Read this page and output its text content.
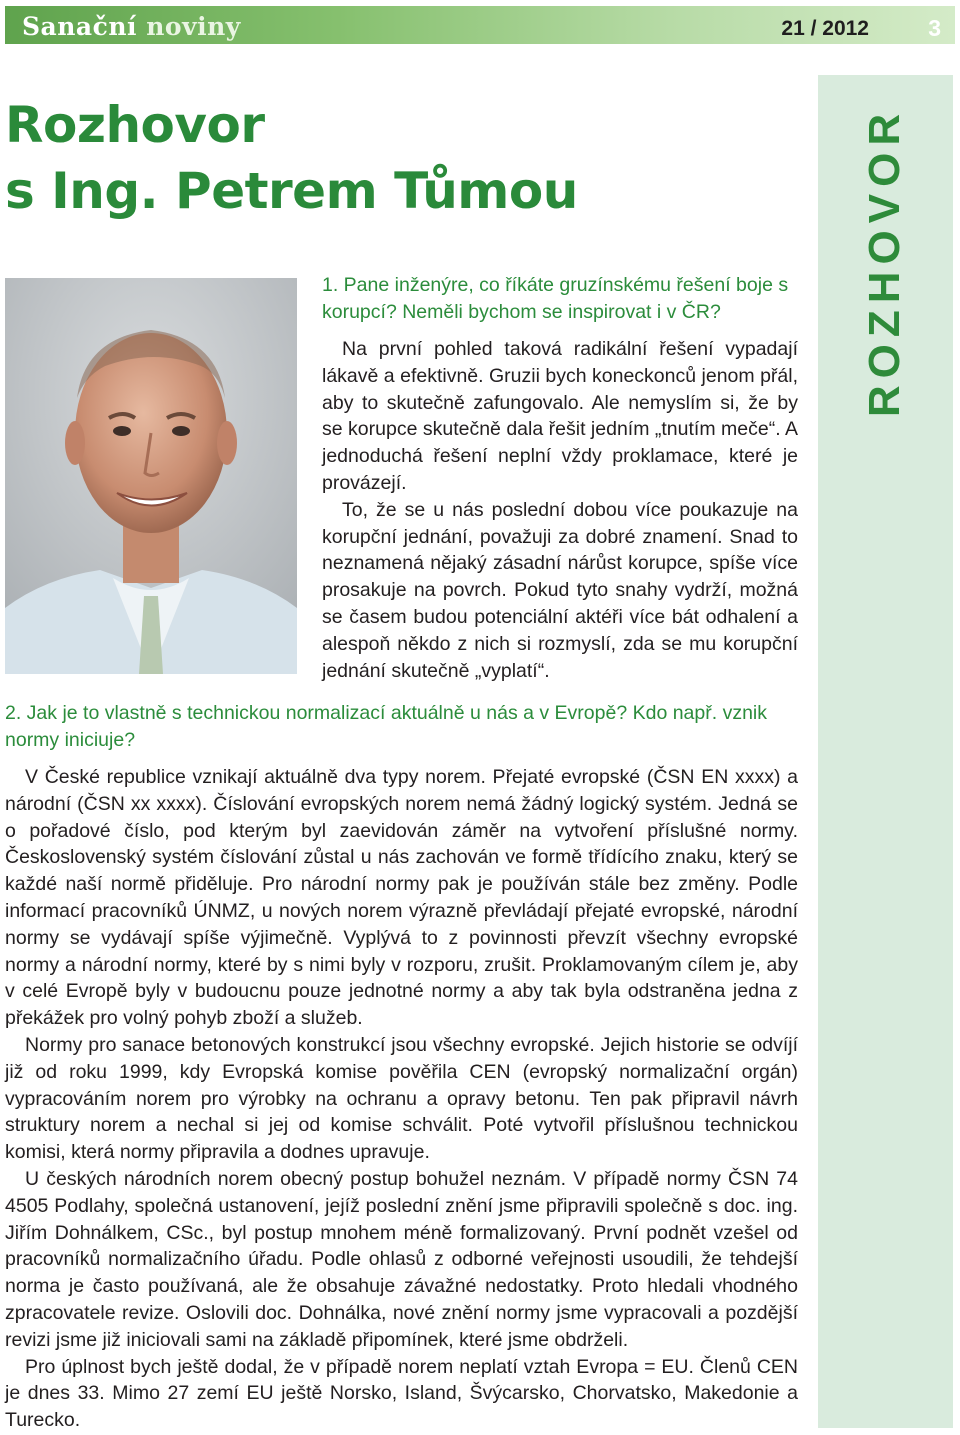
Sanační noviny	21 / 2012	3
ROZHOVOR
Rozhovor
s Ing. Petrem Tůmou

1. Pane inženýre, co říkáte gruzínskému řešení boje s korupcí? Neměli bychom se inspirovat i v ČR?

Na první pohled taková radikální řešení vypadají lákavě a efektivně. Gruzii bych koneckonců jenom přál, aby to skutečně zafungovalo. Ale nemyslím si, že by se korupce skutečně dala řešit jedním „tnutím meče“. A jednoduchá řešení neplní vždy proklamace, které je provázejí.

To, že se u nás poslední dobou více poukazuje na korupční jednání, považuji za dobré znamení. Snad to neznamená nějaký zásadní nárůst korupce, spíše více prosakuje na povrch. Pokud tyto snahy vydrží, možná se časem budou potenciální aktéři více bát odhalení a alespoň někdo z nich si rozmyslí, zda se mu korupční jednání skutečně „vyplatí“.

2. Jak je to vlastně s technickou normalizací aktuálně u nás a v Evropě? Kdo např. vznik normy iniciuje?

V České republice vznikají aktuálně dva typy norem. Přejaté evropské (ČSN EN xxxx) a národní (ČSN xx xxxx). Číslování evropských norem nemá žádný logický systém. Jedná se o pořadové číslo, pod kterým byl zaevidován záměr na vytvoření příslušné normy. Československý systém číslování zůstal u nás zachován ve formě třídícího znaku, který se každé naší normě přiděluje. Pro národní normy pak je používán stále bez změny. Podle informací pracovníků ÚNMZ, u nových norem výrazně převládají přejaté evropské, národní normy se vydávají spíše výjimečně. Vyplývá to z povinnosti převzít všechny evropské normy a národní normy, které by s nimi byly v rozporu, zrušit. Proklamovaným cílem je, aby v celé Evropě byly v budoucnu pouze jednotné normy a aby tak byla odstraněna jedna z překážek pro volný pohyb zboží a služeb.

Normy pro sanace betonových konstrukcí jsou všechny evropské. Jejich historie se odvíjí již od roku 1999, kdy Evropská komise pověřila CEN (evropský normalizační orgán) vypracováním norem pro výrobky na ochranu a opravy betonu. Ten pak připravil návrh struktury norem a nechal si jej od komise schválit. Poté vytvořil příslušnou technickou komisi, která normy připravila a dodnes upravuje.

U českých národních norem obecný postup bohužel neznám. V případě normy ČSN 74 4505 Podlahy, společná ustanovení, jejíž poslední znění jsme připravili společně s doc. ing. Jiřím Dohnálkem, CSc., byl postup mnohem méně formalizovaný. První podnět vzešel od pracovníků normalizačního úřadu. Podle ohlasů z odborné veřejnosti usoudili, že tehdejší norma je často používaná, ale že obsahuje závažné nedostatky. Proto hledali vhodného zpracovatele revize. Oslovili doc. Dohnálka, nové znění normy jsme vypracovali a pozdější revizi jsme již iniciovali sami na základě připomínek, které jsme obdrželi.

Pro úplnost bych ještě dodal, že v případě norem neplatí vztah Evropa = EU. Členů CEN je dnes 33. Mimo 27 zemí EU ještě Norsko, Island, Švýcarsko, Chorvatsko, Makedonie a Turecko.
